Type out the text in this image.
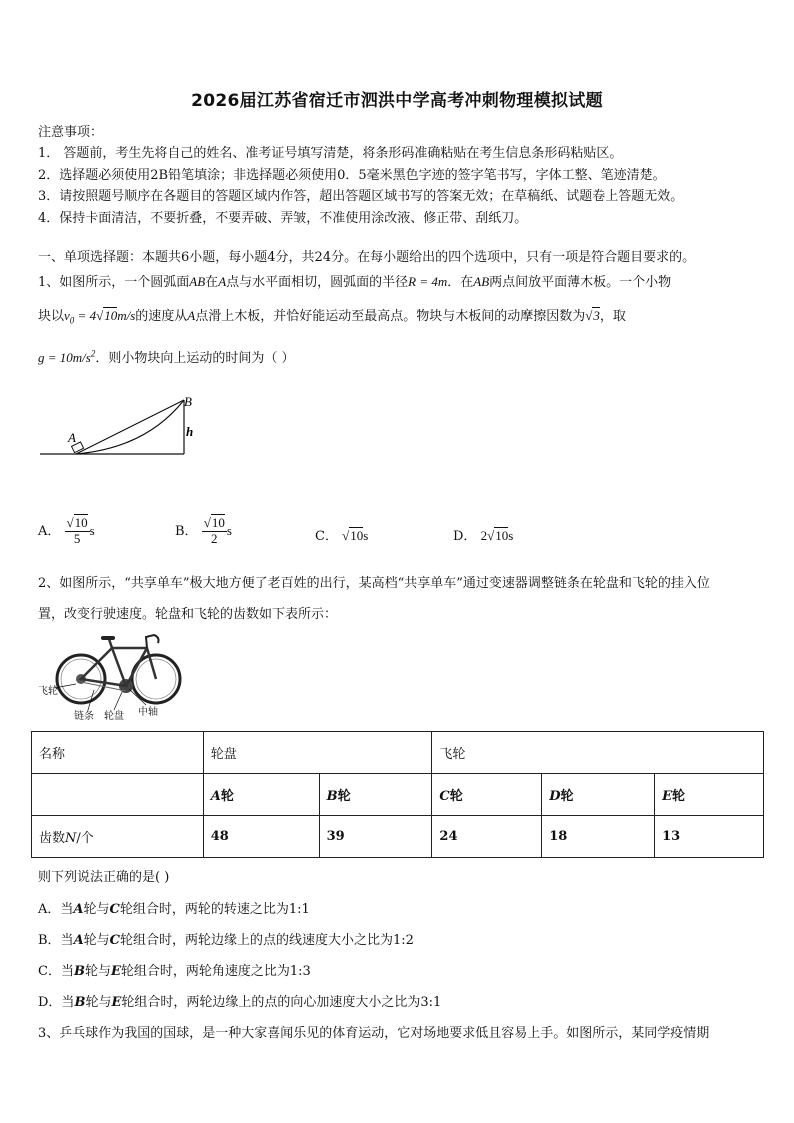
2026届江苏省宿迁市泗洪中学高考冲刺物理模拟试题
注意事项：
1． 答题前，考生先将自己的姓名、准考证号填写清楚，将条形码准确粘贴在考生信息条形码粘贴区。
2．选择题必须使用2B铅笔填涂；非选择题必须使用0．5毫米黑色字迹的签字笔书写，字体工整、笔迹清楚。
3．请按照题号顺序在各题目的答题区域内作答，超出答题区域书写的答案无效；在草稿纸、试题卷上答题无效。
4．保持卡面清洁，不要折叠，不要弄破、弄皱，不准使用涂改液、修正带、刮纸刀。
一、单项选择题：本题共6小题，每小题4分，共24分。在每小题给出的四个选项中，只有一项是符合题目要求的。
1、如图所示，一个圆弧面AB在A点与水平面相切，圆弧面的半径R = 4m．在AB两点间放平面薄木板。一个小物
块以$v_0 = 4√10m/s$的速度从A点滑上木板，并恰好能运动至最高点。物块与木板间的动摩擦因数为√3，取
$g = 10m/s^2$．则小物块向上运动的时间为（ ）
A
B
h
A． $\frac{√10}{5}$ s	B． $\frac{√10}{2}$ s	C． √10s	D． 2√10s
2、如图所示，“共享单车”极大地方便了老百姓的出行，某高档“共享单车”通过变速器调整链条在轮盘和飞轮的挂入位
置，改变行驶速度。轮盘和飞轮的齿数如下表所示：
飞轮
链条 轮盘 中轴
名称	轮盘		飞轮		
	A轮	B轮	C轮	D轮	E轮
齿数N/个	48	39	24	18	13
则下列说法正确的是( )
A．当A轮与C轮组合时，两轮的转速之比为1:1
B．当A轮与C轮组合时，两轮边缘上的点的线速度大小之比为1:2
C．当B轮与E轮组合时，两轮角速度之比为1:3
D．当B轮与E轮组合时，两轮边缘上的点的向心加速度大小之比为3:1
3、乒乓球作为我国的国球，是一种大家喜闻乐见的体育运动，它对场地要求低且容易上手。如图所示，某同学疫情期
